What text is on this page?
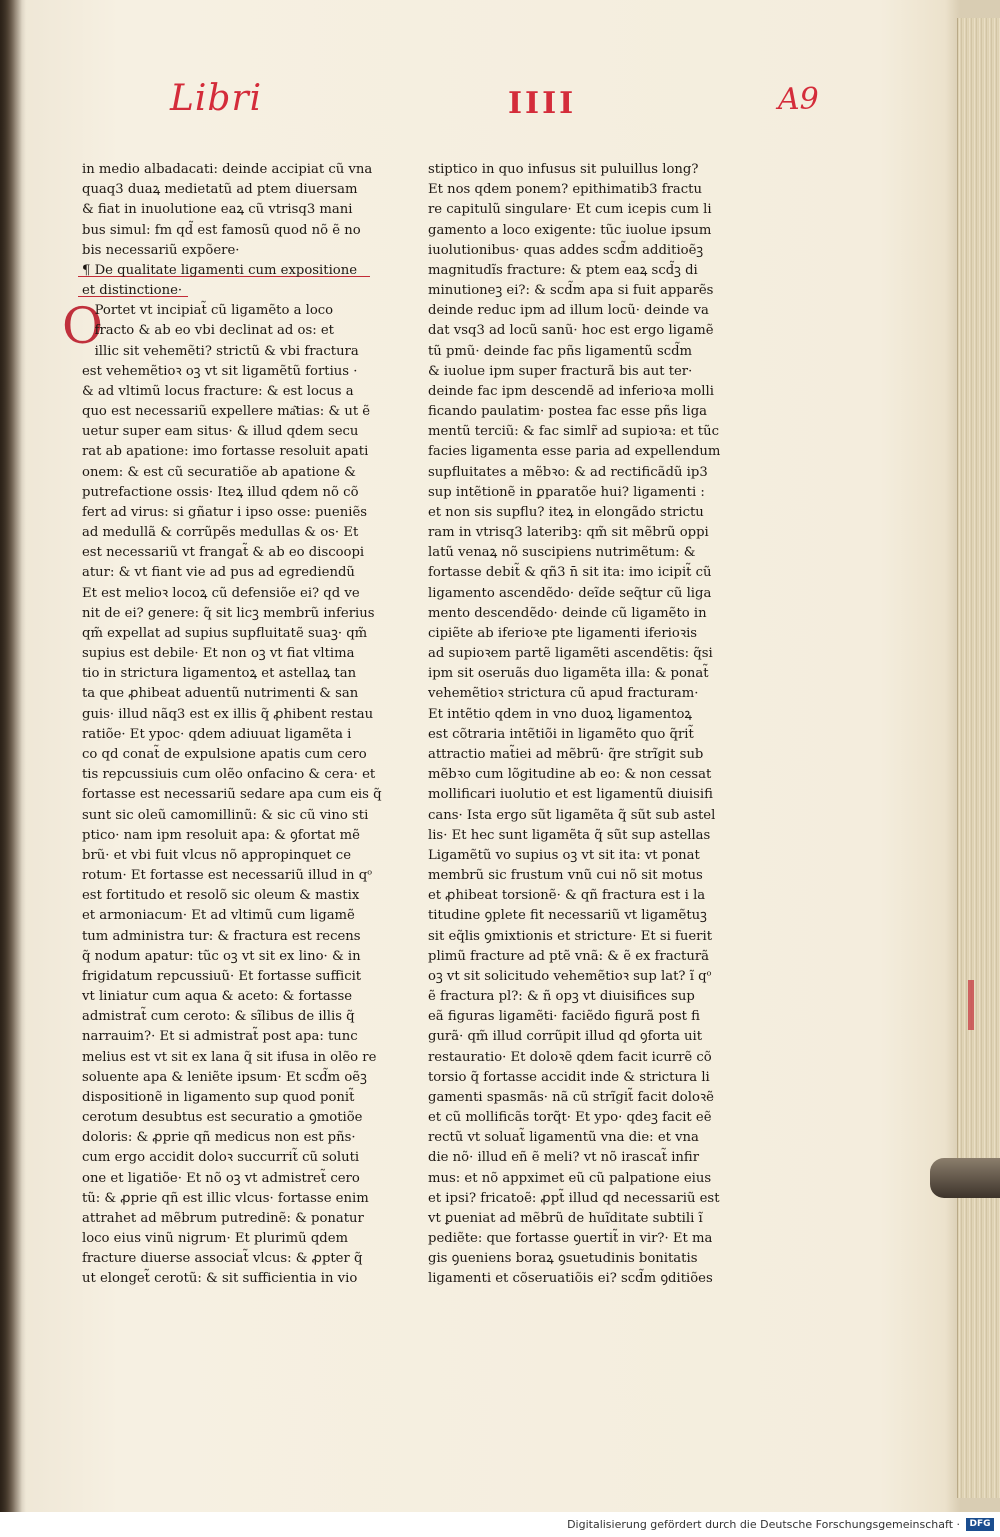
Libri	IIII	A9
O
in medio albadacati: deinde accipiat cũ vna
quaq3 duaꝝ medietatũ ad ptem diuersam
& fiat in inuolutione eaꝝ cũ vtrisq3 mani
bus simul: fm qd̃ est famosũ quod nõ ẽ no
bis necessariũ expõere·
¶ De qualitate ligamenti cum expositione
et distinctione·
Portet vt incipiat̃ cũ ligamẽto a loco
fracto & ab eo vbi declinat ad os: et
illic sit vehemẽti? strictũ & vbi fractura
est vehemẽtioꝛ oꝫ vt sit ligamẽtũ fortius ·
& ad vltimũ locus fracture: & est locus a
quo est necessariũ expellere ma͂tias: & ut ẽ
uetur super eam situs· & illud qdem secu
rat ab apatione: imo fortasse resoluit apati
onem: & est cũ securatiõe ab apatione &
putrefactione ossis· Iteꝝ illud qdem nõ cõ
fert ad virus: si gñatur i ipso osse: pueniẽs
ad medullã & corrũpẽs medullas & os· Et
est necessariũ vt frangat̃ & ab eo discoopi
atur: & vt fiant vie ad pus ad egrediendũ
Et est melioꝛ locoꝝ cũ defensiõe ei? qd ve
nit de ei? genere: q̃ sit licꝫ membrũ inferius
qm̃ expellat ad supius supfluitatẽ suaꝫ· qm̃
supius est debile· Et non oꝫ vt fiat vltima
tio in strictura ligamentoꝝ et astellaꝝ tan
ta que ꝓhibeat aduentũ nutrimenti & san
guis· illud nãq3 est ex illis q̃ ꝓhibent restau
ratiõe· Et ypoc· qdem adiuuat ligamẽta i
co qd conat̃ de expulsione apatis cum cero
tis repcussiuis cum olẽo onfacino & cera· et
fortasse est necessariũ sedare apa cum eis q̃
sunt sic oleũ camomillinũ: & sic cũ vino sti
ptico· nam ipm resoluit apa: & ꝯfortat mẽ
brũ· et vbi fuit vlcus nõ appropinquet ce
rotum· Et fortasse est necessariũ illud in qᵒ
est fortitudo et resolõ sic oleum & mastix
et armoniacum· Et ad vltimũ cum ligamẽ
tum administra tur: & fractura est recens
q̃ nodum apatur: tũc oꝫ vt sit ex lino· & in
frigidatum repcussiuũ· Et fortasse sufficit
vt liniatur cum aqua & aceto: & fortasse
admistrat̃ cum ceroto: & sĩlibus de illis q̃
narrauim?· Et si admistrat̃ post apa: tunc
melius est vt sit ex lana q̃ sit ifusa in olẽo re
soluente apa & leniẽte ipsum· Et scd̃m oẽꝫ
dispositionẽ in ligamento sup quod ponit̃
cerotum desubtus est securatio a ꝯmotiõe
doloris: & ꝓprie qñ medicus non est pñs·
cum ergo accidit doloꝛ succurrit̃ cũ soluti
one et ligatiõe· Et nõ oꝫ vt admistret̃ cero
tũ: & ꝓprie qñ est illic vlcus· fortasse enim
attrahet ad mẽbrum putredinẽ: & ponatur
loco eius vinũ nigrum· Et plurimũ qdem
fracture diuerse associat̃ vlcus: & ꝓpter q̃
ut elonget̃ cerotũ: & sit sufficientia in vio
stiptico in quo infusus sit puluillus long?
Et nos qdem ponem? epithimatib3 fractu
re capitulũ singulare· Et cum icepis cum li
gamento a loco exigente: tũc iuolue ipsum
iuolutionibus· quas addes scd̃m additioẽꝫ
magnitudĩs fracture: & ptem eaꝝ scd̃ꝫ di
minutioneꝫ ei?: & scd̃m apa si fuit apparẽs
deinde reduc ipm ad illum locũ· deinde va
dat vsq3 ad locũ sanũ· hoc est ergo ligamẽ
tũ pmũ· deinde fac pñs ligamentũ scd̃m
& iuolue ipm super fracturã bis aut ter·
deinde fac ipm descendẽ ad inferioꝛa molli
ficando paulatim· postea fac esse pñs liga
mentũ terciũ: & fac simlr̃ ad supioꝛa: et tũc
facies ligamenta esse paria ad expellendum
supfluitates a mẽbꝛo: & ad rectificãdũ ip3
sup intẽtionẽ in ꝑparatõe hui? ligamenti :
et non sis supflu? iteꝝ in elongãdo strictu
ram in vtrisq3 lateribꝫ: qm̃ sit mẽbrũ oppi
latũ venaꝝ nõ suscipiens nutrimẽtum: &
fortasse debit̃ & qñ3 n̄ sit ita: imo icipit̃ cũ
ligamento ascendẽdo· deĩde seq̃tur cũ liga
mento descendẽdo· deinde cũ ligamẽto in
cipiẽte ab iferioꝛe pte ligamenti iferioꝛis
ad supioꝛem partẽ ligamẽti ascendẽtis: q̃si
ipm sit oseruãs duo ligamẽta illa: & ponat̃
vehemẽtioꝛ strictura cũ apud fracturam·
Et intẽtio qdem in vno duoꝝ ligamentoꝝ
est cõtraria intẽtiõi in ligamẽto quo q̃rit̃
attractio mat̃iei ad mẽbrũ· q̃re strĩgit sub
mẽbꝛo cum lõgitudine ab eo: & non cessat
mollificari iuolutio et est ligamentũ diuisifi
cans· Ista ergo sũt ligamẽta q̃ sũt sub astel
lis· Et hec sunt ligamẽta q̃ sũt sup astellas
Ligamẽtũ vo supius oꝫ vt sit ita: vt ponat
membrũ sic frustum vnũ cui nõ sit motus
et ꝓhibeat torsionẽ· & qñ fractura est i la
titudine ꝯplete fit necessariũ vt ligamẽtuꝫ
sit eq̃lis ꝯmixtionis et stricture· Et si fuerit
plimũ fracture ad ptẽ vnã: & ẽ ex fracturã
oꝫ vt sit solicitudo vehemẽtioꝛ sup lat? ĩ qᵒ
ẽ fractura pl?: & ñ opꝫ vt diuisifices sup
eã figuras ligamẽti· faciẽdo figurã post fi
gurã· qm̃ illud corrũpit illud qd ꝯforta uit
restauratio· Et doloꝛẽ qdem facit icurrẽ cõ
torsio q̃ fortasse accidit inde & strictura li
gamenti spasmãs· nã cũ strĩgit̃ facit doloꝛẽ
et cũ mollificãs torq̃t· Et ypo· qdeꝫ facit eẽ
rectũ vt soluat̃ ligamentũ vna die: et vna
die nõ· illud eñ ẽ meli? vt nõ irascat̃ infir
mus: et nõ appximet eũ cũ palpatione eius
et ipsi? fricatoẽ: ꝓpt̃ illud qd necessariũ est
vt ꝑueniat ad mẽbrũ de huĩditate subtili ĩ
pediẽte: que fortasse ꝯuertit̃ in vir?· Et ma
gis ꝯueniens boraꝝ ꝯsuetudinis bonitatis
ligamenti et cõseruatiõis ei? scd̃m ꝯditiões
Digitalisierung gefördert durch die Deutsche Forschungsgemeinschaft ·	DFG
